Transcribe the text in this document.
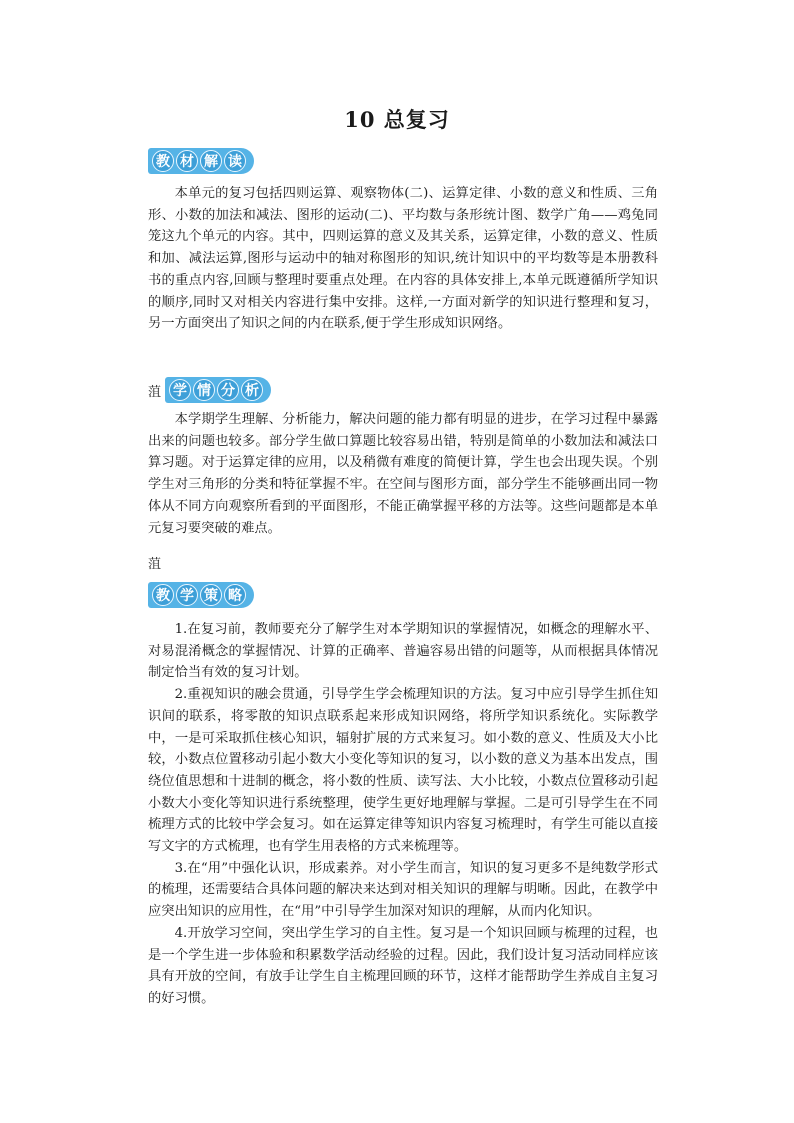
10 总复习
教 材 解 读

本单元的复习包括四则运算、观察物体(二)、运算定律、小数的意义和性质、三角形、小数的加法和减法、图形的运动(二)、平均数与条形统计图、数学广角——鸡兔同笼这九个单元的内容。其中，四则运算的意义及其关系，运算定律，小数的意义、性质和加、减法运算,图形与运动中的轴对称图形的知识,统计知识中的平均数等是本册教科书的重点内容,回顾与整理时要重点处理。在内容的具体安排上,本单元既遵循所学知识的顺序,同时又对相关内容进行集中安排。这样,一方面对新学的知识进行整理和复习，另一方面突出了知识之间的内在联系,便于学生形成知识网络。

菹 学 情 分 析

本学期学生理解、分析能力，解决问题的能力都有明显的进步，在学习过程中暴露出来的问题也较多。部分学生做口算题比较容易出错，特别是简单的小数加法和减法口算习题。对于运算定律的应用，以及稍微有难度的简便计算，学生也会出现失误。个别学生对三角形的分类和特征掌握不牢。在空间与图形方面，部分学生不能够画出同一物体从不同方向观察所看到的平面图形，不能正确掌握平移的方法等。这些问题都是本单元复习要突破的难点。

菹
教 学 策 略

1.在复习前，教师要充分了解学生对本学期知识的掌握情况，如概念的理解水平、对易混淆概念的掌握情况、计算的正确率、普遍容易出错的问题等，从而根据具体情况制定恰当有效的复习计划。

2.重视知识的融会贯通，引导学生学会梳理知识的方法。复习中应引导学生抓住知识间的联系，将零散的知识点联系起来形成知识网络，将所学知识系统化。实际教学中，一是可采取抓住核心知识，辐射扩展的方式来复习。如小数的意义、性质及大小比较，小数点位置移动引起小数大小变化等知识的复习，以小数的意义为基本出发点，围绕位值思想和十进制的概念，将小数的性质、读写法、大小比较，小数点位置移动引起小数大小变化等知识进行系统整理，使学生更好地理解与掌握。二是可引导学生在不同梳理方式的比较中学会复习。如在运算定律等知识内容复习梳理时，有学生可能以直接写文字的方式梳理，也有学生用表格的方式来梳理等。

3.在“用”中强化认识，形成素养。对小学生而言，知识的复习更多不是纯数学形式的梳理，还需要结合具体问题的解决来达到对相关知识的理解与明晰。因此，在教学中应突出知识的应用性，在“用”中引导学生加深对知识的理解，从而内化知识。

4.开放学习空间，突出学生学习的自主性。复习是一个知识回顾与梳理的过程，也是一个学生进一步体验和积累数学活动经验的过程。因此，我们设计复习活动同样应该具有开放的空间，有放手让学生自主梳理回顾的环节，这样才能帮助学生养成自主复习的好习惯。
